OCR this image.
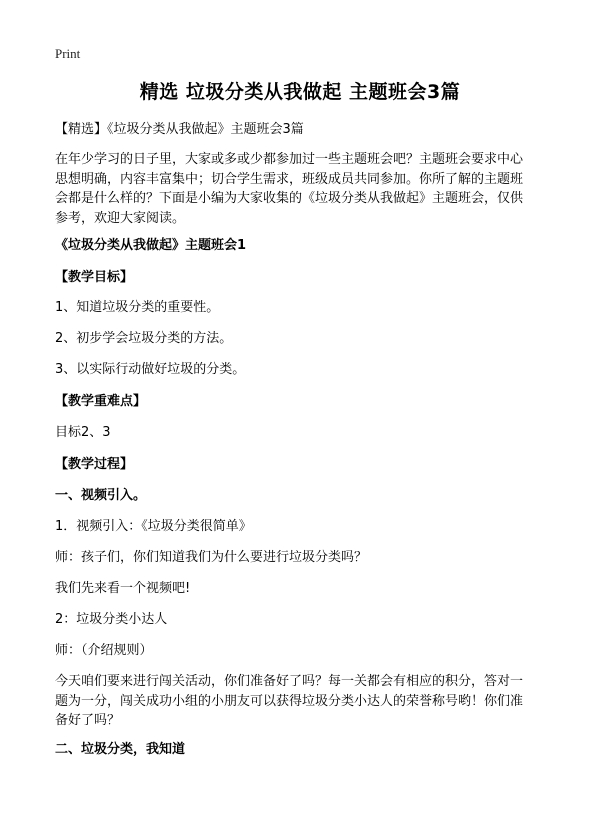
Print
精选 垃圾分类从我做起 主题班会3篇
【精选】《垃圾分类从我做起》主题班会3篇
在年少学习的日子里，大家或多或少都参加过一些主题班会吧？主题班会要求中心
思想明确，内容丰富集中；切合学生需求，班级成员共同参加。你所了解的主题班
会都是什么样的？下面是小编为大家收集的《垃圾分类从我做起》主题班会，仅供
参考，欢迎大家阅读。
《垃圾分类从我做起》主题班会1
【教学目标】
1、知道垃圾分类的重要性。
2、初步学会垃圾分类的方法。
3、以实际行动做好垃圾的分类。
【教学重难点】
目标2、3
【教学过程】
一、视频引入。
1．视频引入：《垃圾分类很简单》
师：孩子们，你们知道我们为什么要进行垃圾分类吗？
我们先来看一个视频吧!
2：垃圾分类小达人
师：（介绍规则）
今天咱们要来进行闯关活动，你们准备好了吗？每一关都会有相应的积分，答对一
题为一分，闯关成功小组的小朋友可以获得垃圾分类小达人的荣誉称号哟！你们准
备好了吗？
二、垃圾分类，我知道
